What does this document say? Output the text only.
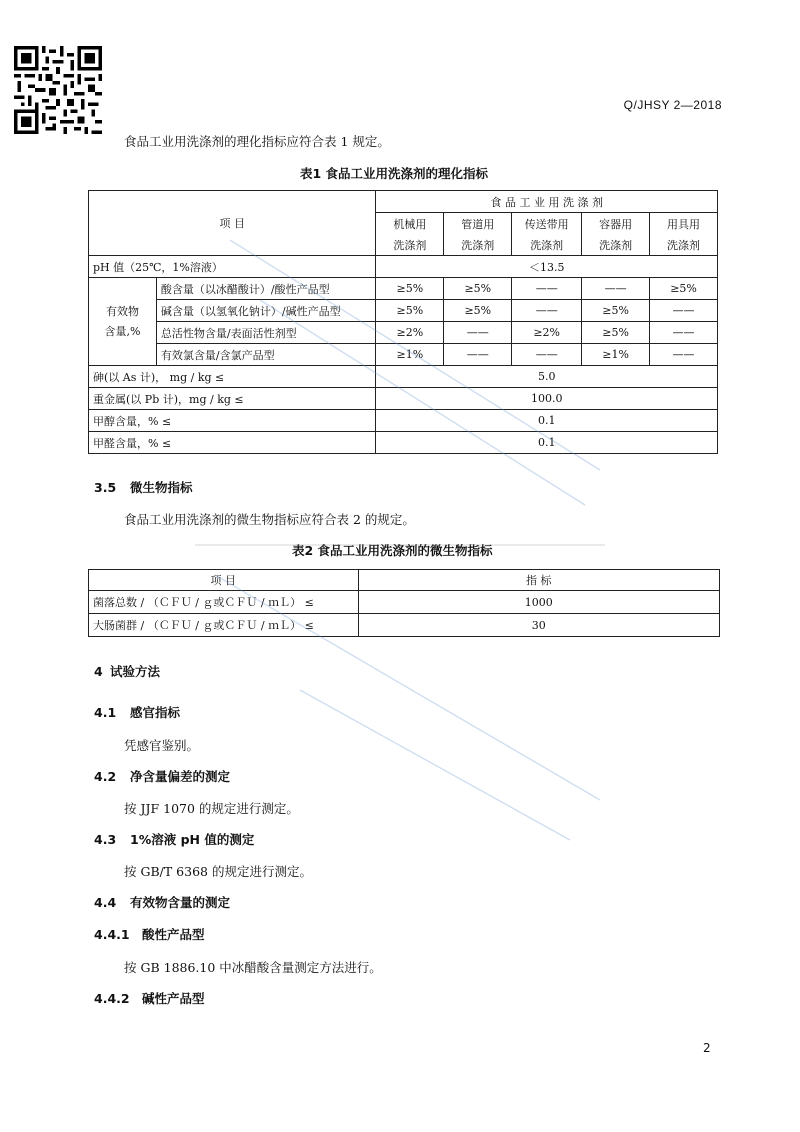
Q/JHSY 2—2018
食品工业用洗涤剂的理化指标应符合表 1 规定。
表1 食品工业用洗涤剂的理化指标
项 目		食 品 工 业 用 洗 涤 剂				
		机械用	管道用	传送带用	容器用	用具用
		洗涤剂	洗涤剂	洗涤剂	洗涤剂	洗涤剂
pH 值（25℃，1%溶液）		＜13.5				
有效物
含量,%	酸含量（以冰醋酸计）/酸性产品型	≥5%	≥5%	——	——	≥5%
	碱含量（以氢氧化钠计）/碱性产品型	≥5%	≥5%	——	≥5%	——
	总活性物含量/表面活性剂型	≥2%	——	≥2%	≥5%	——
	有效氯含量/含氯产品型	≥1%	——	——	≥1%	——
砷(以 As 计)， mg / kg ≤		5.0				
重金属(以 Pb 计)，mg / kg ≤		100.0				
甲醇含量，% ≤		0.1				
甲醛含量，% ≤		0.1				
3.5 微生物指标
食品工业用洗涤剂的微生物指标应符合表 2 的规定。
表2 食品工业用洗涤剂的微生物指标
项 目	指 标
菌落总数 / （ＣＦＵ / ｇ或ＣＦＵ / ｍＬ） ≤	1000
大肠菌群 / （ＣＦＵ / ｇ或ＣＦＵ / ｍＬ） ≤	30
4 试验方法
4.1 感官指标
凭感官鉴别。
4.2 净含量偏差的测定
按 JJF 1070 的规定进行测定。
4.3 1%溶液 pH 值的测定
按 GB/T 6368 的规定进行测定。
4.4 有效物含量的测定
4.4.1 酸性产品型
按 GB 1886.10 中冰醋酸含量测定方法进行。
4.4.2 碱性产品型
2
